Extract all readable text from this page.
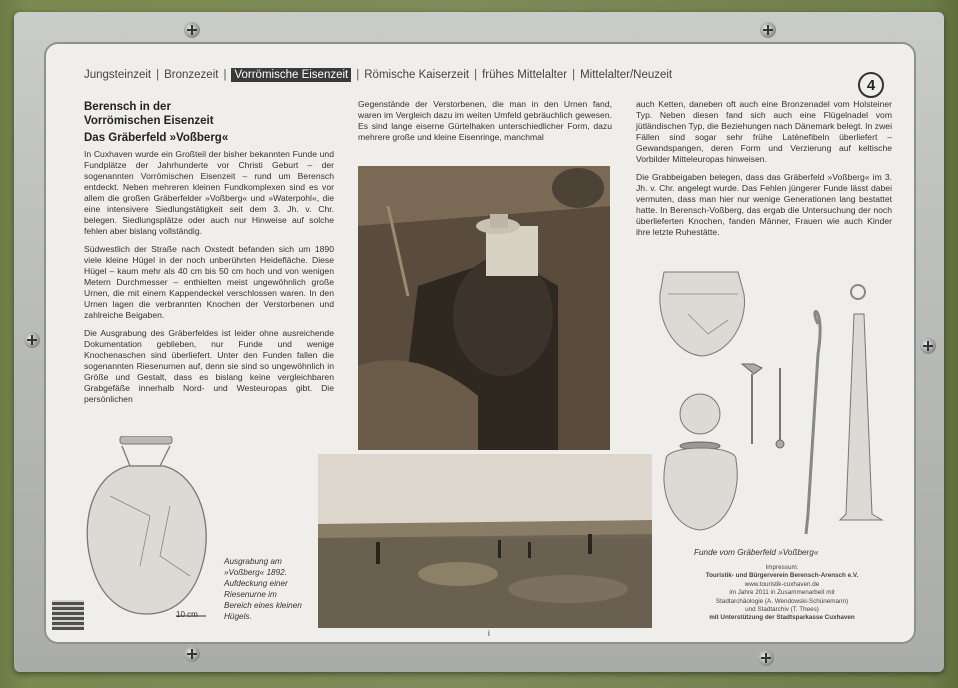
Jungsteinzeit | Bronzezeit | Vorrömische Eisenzeit | Römische Kaiserzeit | frühes Mittelalter | Mittelalter/Neuzeit
4
Berensch in der
Vorrömischen Eisenzeit
Das Gräberfeld »Voßberg«

In Cuxhaven wurde ein Großteil der bisher bekannten Funde und Fundplätze der Jahrhunderte vor Christi Geburt – der sogenannten Vorrömischen Eisenzeit – rund um Berensch entdeckt. Neben mehreren kleinen Fundkomplexen sind es vor allem die großen Gräberfelder »Voßberg« und »Waterpohl«, die eine intensivere Siedlungstätigkeit seit dem 3. Jh. v. Chr. belegen. Siedlungsplätze oder auch nur Hinweise auf solche fehlen aber bislang vollständig.

Südwestlich der Straße nach Oxstedt befanden sich um 1890 viele kleine Hügel in der noch unberührten Heidefläche. Diese Hügel – kaum mehr als 40 cm bis 50 cm hoch und von wenigen Metern Durchmesser – enthielten meist ungewöhnlich große Urnen, die mit einem Kappendeckel verschlossen waren. In den Urnen lagen die verbrannten Knochen der Verstorbenen und zahlreiche Beigaben.

Die Ausgrabung des Gräberfeldes ist leider ohne ausreichende Dokumentation geblieben, nur Funde und wenige Knochenaschen sind überliefert. Unter den Funden fallen die sogenannten Riesenurnen auf, denn sie sind so ungewöhnlich in Größe und Gestalt, dass es bislang keine vergleichbaren Grabgefäße innerhalb Nord- und Westeuropas gibt. Die persönlichen

Gegenstände der Verstorbenen, die man in den Urnen fand, waren im Vergleich dazu im weiten Umfeld gebräuchlich gewesen. Es sind lange eiserne Gürtelhaken unterschiedlicher Form, dazu mehrere große und kleine Eisenringe, manchmal

auch Ketten, daneben oft auch eine Bronzenadel vom Holsteiner Typ. Neben diesen fand sich auch eine Flügelnadel vom jütländischen Typ, die Beziehungen nach Dänemark belegt. In zwei Fällen sind sogar sehr frühe Latènefibeln überliefert – Gewandspangen, deren Form und Verzierung auf keltische Vorbilder Mitteleuropas hinweisen.

Die Grabbeigaben belegen, dass das Gräberfeld »Voßberg« im 3. Jh. v. Chr. angelegt wurde. Das Fehlen jüngerer Funde lässt dabei vermuten, dass man hier nur wenige Generationen lang bestattet hatte. In Berensch-Voßberg, das ergab die Untersuchung der noch überlieferten Knochen, fanden Männer, Frauen wie auch Kinder ihre letzte Ruhestätte.

10 cm
Ausgrabung am »Voßberg« 1892. Aufdeckung einer Riesenurne im Bereich eines kleinen Hügels.
i
Funde vom Gräberfeld »Voßberg«
Impressum:
Touristik- und Bürgerverein Berensch-Arensch e.V.
www.touristik-cuxhaven.de
im Jahre 2011 in Zusammenarbeit mit
Stadtarchäologie (A. Wendowski-Schünemann)
und Stadtarchiv (T. Thees)
mit Unterstützung der Stadtsparkasse Cuxhaven
